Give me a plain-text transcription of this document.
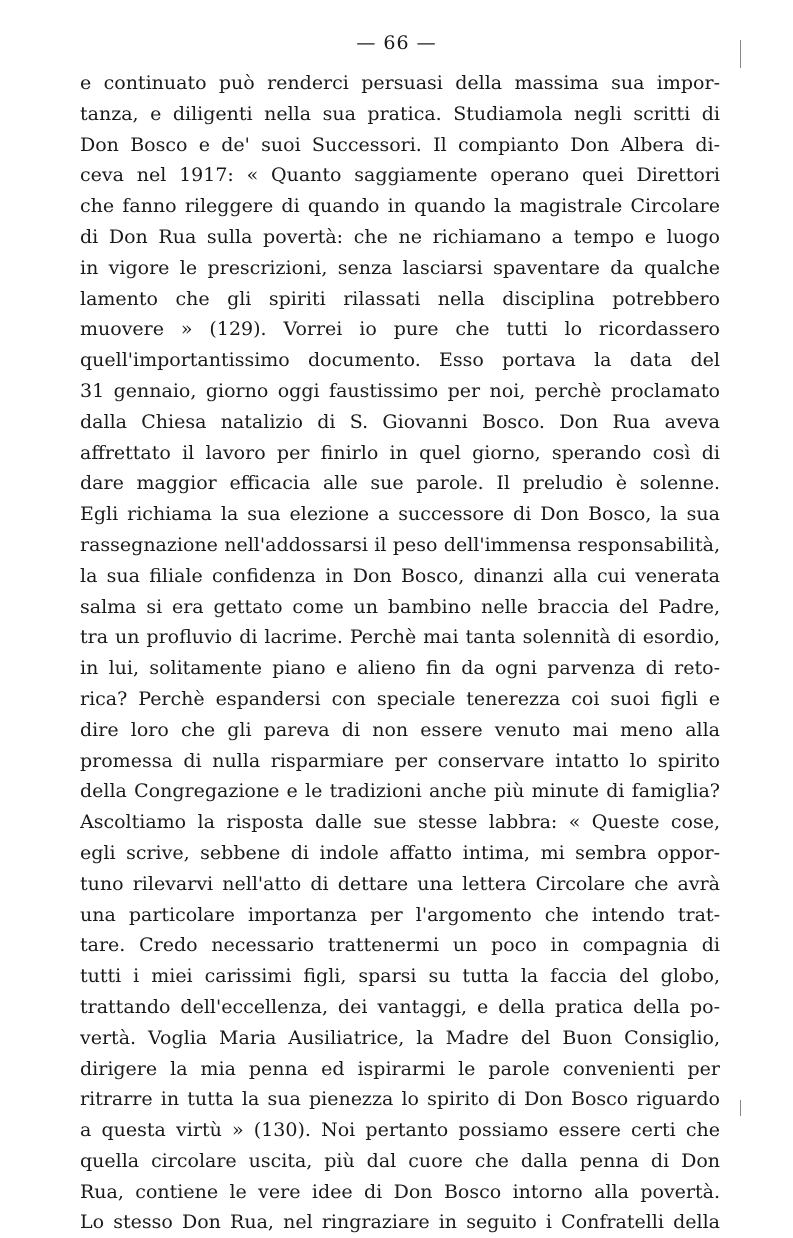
— 66 —
e continuato può renderci persuasi della massima sua impor-
tanza, e diligenti nella sua pratica. Studiamola negli scritti di
Don Bosco e de' suoi Successori. Il compianto Don Albera di-
ceva nel 1917: « Quanto saggiamente operano quei Direttori
che fanno rileggere di quando in quando la magistrale Circolare
di Don Rua sulla povertà: che ne richiamano a tempo e luogo
in vigore le prescrizioni, senza lasciarsi spaventare da qualche
lamento che gli spiriti rilassati nella disciplina potrebbero
muovere » (129). Vorrei io pure che tutti lo ricordassero
quell'importantissimo documento. Esso portava la data del
31 gennaio, giorno oggi faustissimo per noi, perchè proclamato
dalla Chiesa natalizio di S. Giovanni Bosco. Don Rua aveva
affrettato il lavoro per finirlo in quel giorno, sperando così di
dare maggior efficacia alle sue parole. Il preludio è solenne.
Egli richiama la sua elezione a successore di Don Bosco, la sua
rassegnazione nell'addossarsi il peso dell'immensa responsabilità,
la sua filiale confidenza in Don Bosco, dinanzi alla cui venerata
salma si era gettato come un bambino nelle braccia del Padre,
tra un profluvio di lacrime. Perchè mai tanta solennità di esordio,
in lui, solitamente piano e alieno fin da ogni parvenza di reto-
rica? Perchè espandersi con speciale tenerezza coi suoi figli e
dire loro che gli pareva di non essere venuto mai meno alla
promessa di nulla risparmiare per conservare intatto lo spirito
della Congregazione e le tradizioni anche più minute di famiglia?
Ascoltiamo la risposta dalle sue stesse labbra: « Queste cose,
egli scrive, sebbene di indole affatto intima, mi sembra oppor-
tuno rilevarvi nell'atto di dettare una lettera Circolare che avrà
una particolare importanza per l'argomento che intendo trat-
tare. Credo necessario trattenermi un poco in compagnia di
tutti i miei carissimi figli, sparsi su tutta la faccia del globo,
trattando dell'eccellenza, dei vantaggi, e della pratica della po-
vertà. Voglia Maria Ausiliatrice, la Madre del Buon Consiglio,
dirigere la mia penna ed ispirarmi le parole convenienti per
ritrarre in tutta la sua pienezza lo spirito di Don Bosco riguardo
a questa virtù » (130). Noi pertanto possiamo essere certi che
quella circolare uscita, più dal cuore che dalla penna di Don
Rua, contiene le vere idee di Don Bosco intorno alla povertà.
Lo stesso Don Rua, nel ringraziare in seguito i Confratelli della
